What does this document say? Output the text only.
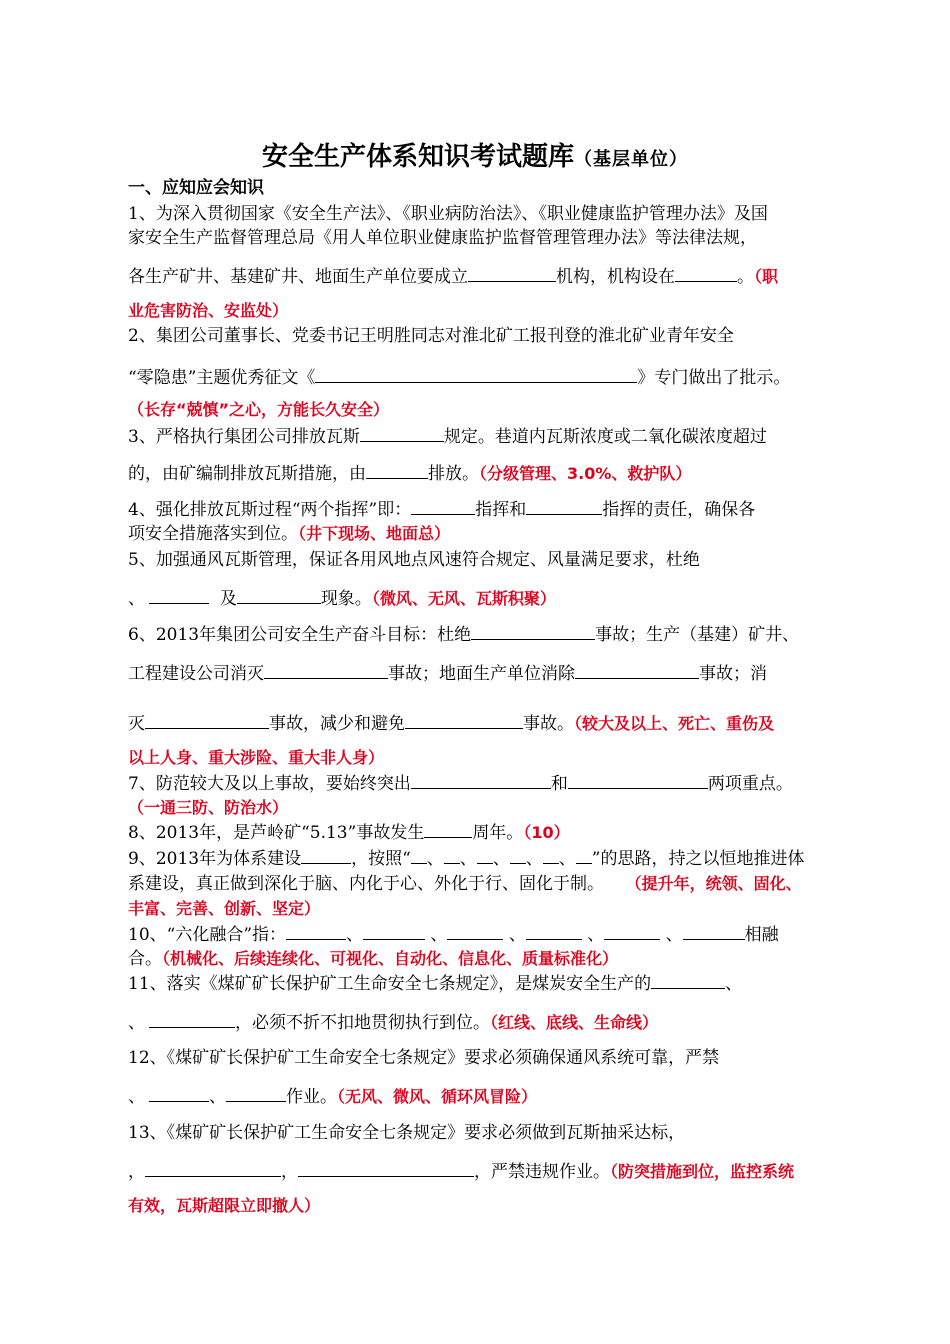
安全生产体系知识考试题库（基层单位）
一、应知应会知识
1、为深入贯彻国家《安全生产法》、《职业病防治法》、《职业健康监护管理办法》及国
家安全生产监督管理总局《用人单位职业健康监护监督管理管理办法》等法律法规，
各生产矿井、基建矿井、地面生产单位要成立	机构，机构设在	。（职
业危害防治、安监处）
2、集团公司董事长、党委书记王明胜同志对淮北矿工报刊登的淮北矿业青年安全
“零隐患”主题优秀征文《	》专门做出了批示。
（长存“兢慎”之心，方能长久安全）
3、严格执行集团公司排放瓦斯	规定。巷道内瓦斯浓度或二氧化碳浓度超过
的，由矿编制排放瓦斯措施，由	排放。（分级管理、3.0%、救护队）
4、强化排放瓦斯过程“两个指挥”即：	指挥和	指挥的责任，确保各
项安全措施落实到位。（井下现场、地面总）
5、加强通风瓦斯管理，保证各用风地点风速符合规定、风量满足要求，杜绝
、	及	现象。（微风、无风、瓦斯积聚）
6、2013年集团公司安全生产奋斗目标：杜绝	事故；生产（基建）矿井、
工程建设公司消灭	事故；地面生产单位消除	事故；消
灭	事故，减少和避免	事故。（较大及以上、死亡、重伤及
以上人身、重大涉险、重大非人身）
7、防范较大及以上事故，要始终突出	和	两项重点。
（一通三防、防治水）
8、2013年，是芦岭矿“5.13”事故发生	周年。（10）
9、2013年为体系建设	，按照“ 、 、 、 、 、 ”的思路，持之以恒地推进体
系建设，真正做到深化于脑、内化于心、外化于行、固化于制。 （提升年，统领、固化、
丰富、完善、创新、坚定）
10、“六化融合”指：	、	、	、	、	、	相融
合。（机械化、后续连续化、可视化、自动化、信息化、质量标准化）
11、落实《煤矿矿长保护矿工生命安全七条规定》，是煤炭安全生产的	、
、	，必须不折不扣地贯彻执行到位。（红线、底线、生命线）
12、《煤矿矿长保护矿工生命安全七条规定》要求必须确保通风系统可靠，严禁
、	、	作业。（无风、微风、循环风冒险）
13、《煤矿矿长保护矿工生命安全七条规定》要求必须做到瓦斯抽采达标，
，	，	，严禁违规作业。（防突措施到位，监控系统
有效，瓦斯超限立即撤人）
